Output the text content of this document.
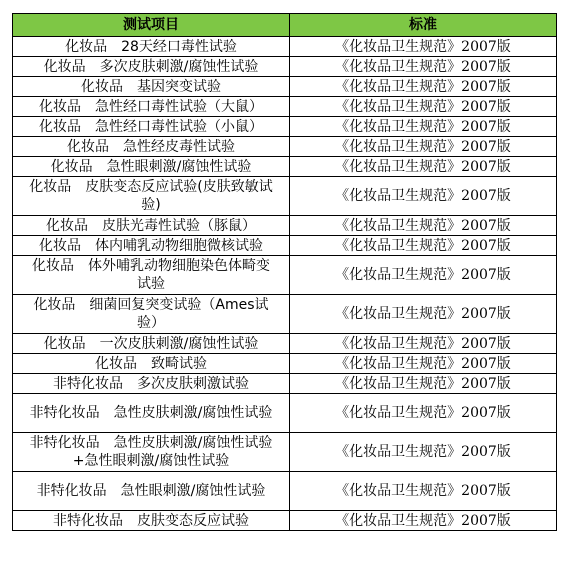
测试项目	标准
化妆品　28天经口毒性试验	《化妆品卫生规范》2007版
化妆品　多次皮肤刺激/腐蚀性试验	《化妆品卫生规范》2007版
化妆品　基因突变试验	《化妆品卫生规范》2007版
化妆品　急性经口毒性试验（大鼠）	《化妆品卫生规范》2007版
化妆品　急性经口毒性试验（小鼠）	《化妆品卫生规范》2007版
化妆品　急性经皮毒性试验	《化妆品卫生规范》2007版
化妆品　急性眼刺激/腐蚀性试验	《化妆品卫生规范》2007版
化妆品　皮肤变态反应试验(皮肤致敏试验)	《化妆品卫生规范》2007版
化妆品　皮肤光毒性试验（豚鼠）	《化妆品卫生规范》2007版
化妆品　体内哺乳动物细胞微核试验	《化妆品卫生规范》2007版
化妆品　体外哺乳动物细胞染色体畸变试验	《化妆品卫生规范》2007版
化妆品　细菌回复突变试验（Ames试验）	《化妆品卫生规范》2007版
化妆品　一次皮肤刺激/腐蚀性试验	《化妆品卫生规范》2007版
化妆品　致畸试验	《化妆品卫生规范》2007版
非特化妆品　多次皮肤刺激试验	《化妆品卫生规范》2007版
非特化妆品　急性皮肤刺激/腐蚀性试验	《化妆品卫生规范》2007版
非特化妆品　急性皮肤刺激/腐蚀性试验+急性眼刺激/腐蚀性试验	《化妆品卫生规范》2007版
非特化妆品　急性眼刺激/腐蚀性试验	《化妆品卫生规范》2007版
非特化妆品　皮肤变态反应试验	《化妆品卫生规范》2007版
